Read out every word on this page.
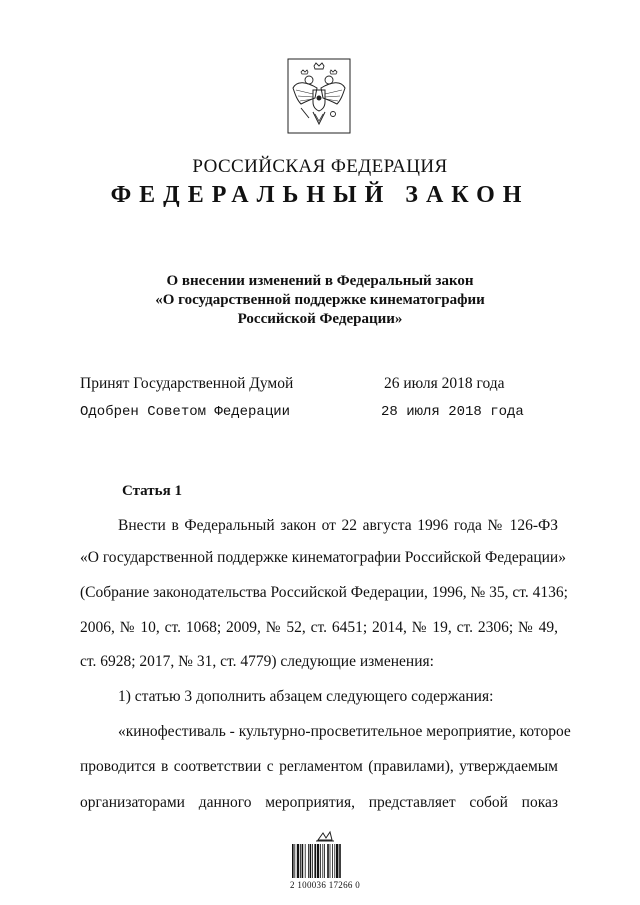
РОССИЙСКАЯ ФЕДЕРАЦИЯ
ФЕДЕРАЛЬНЫЙ ЗАКОН
О внесении изменений в Федеральный закон
«О государственной поддержке кинематографии
Российской Федерации»
Принят Государственной Думой	26 июля 2018 года
Одобрен Советом Федерации	28 июля 2018 года
Статья 1
Внести в Федеральный закон от 22 августа 1996 года № 126-ФЗ
«О государственной поддержке кинематографии Российской Федерации»
(Собрание законодательства Российской Федерации, 1996, № 35, ст. 4136;
2006, № 10, ст. 1068; 2009, № 52, ст. 6451; 2014, № 19, ст. 2306; № 49,
ст. 6928; 2017, № 31, ст. 4779) следующие изменения:
1) статью 3 дополнить абзацем следующего содержания:
«кинофестиваль - культурно-просветительное мероприятие, которое
проводится в соответствии с регламентом (правилами), утверждаемым
организаторами данного мероприятия, представляет собой показ
2 100036 17266 0
